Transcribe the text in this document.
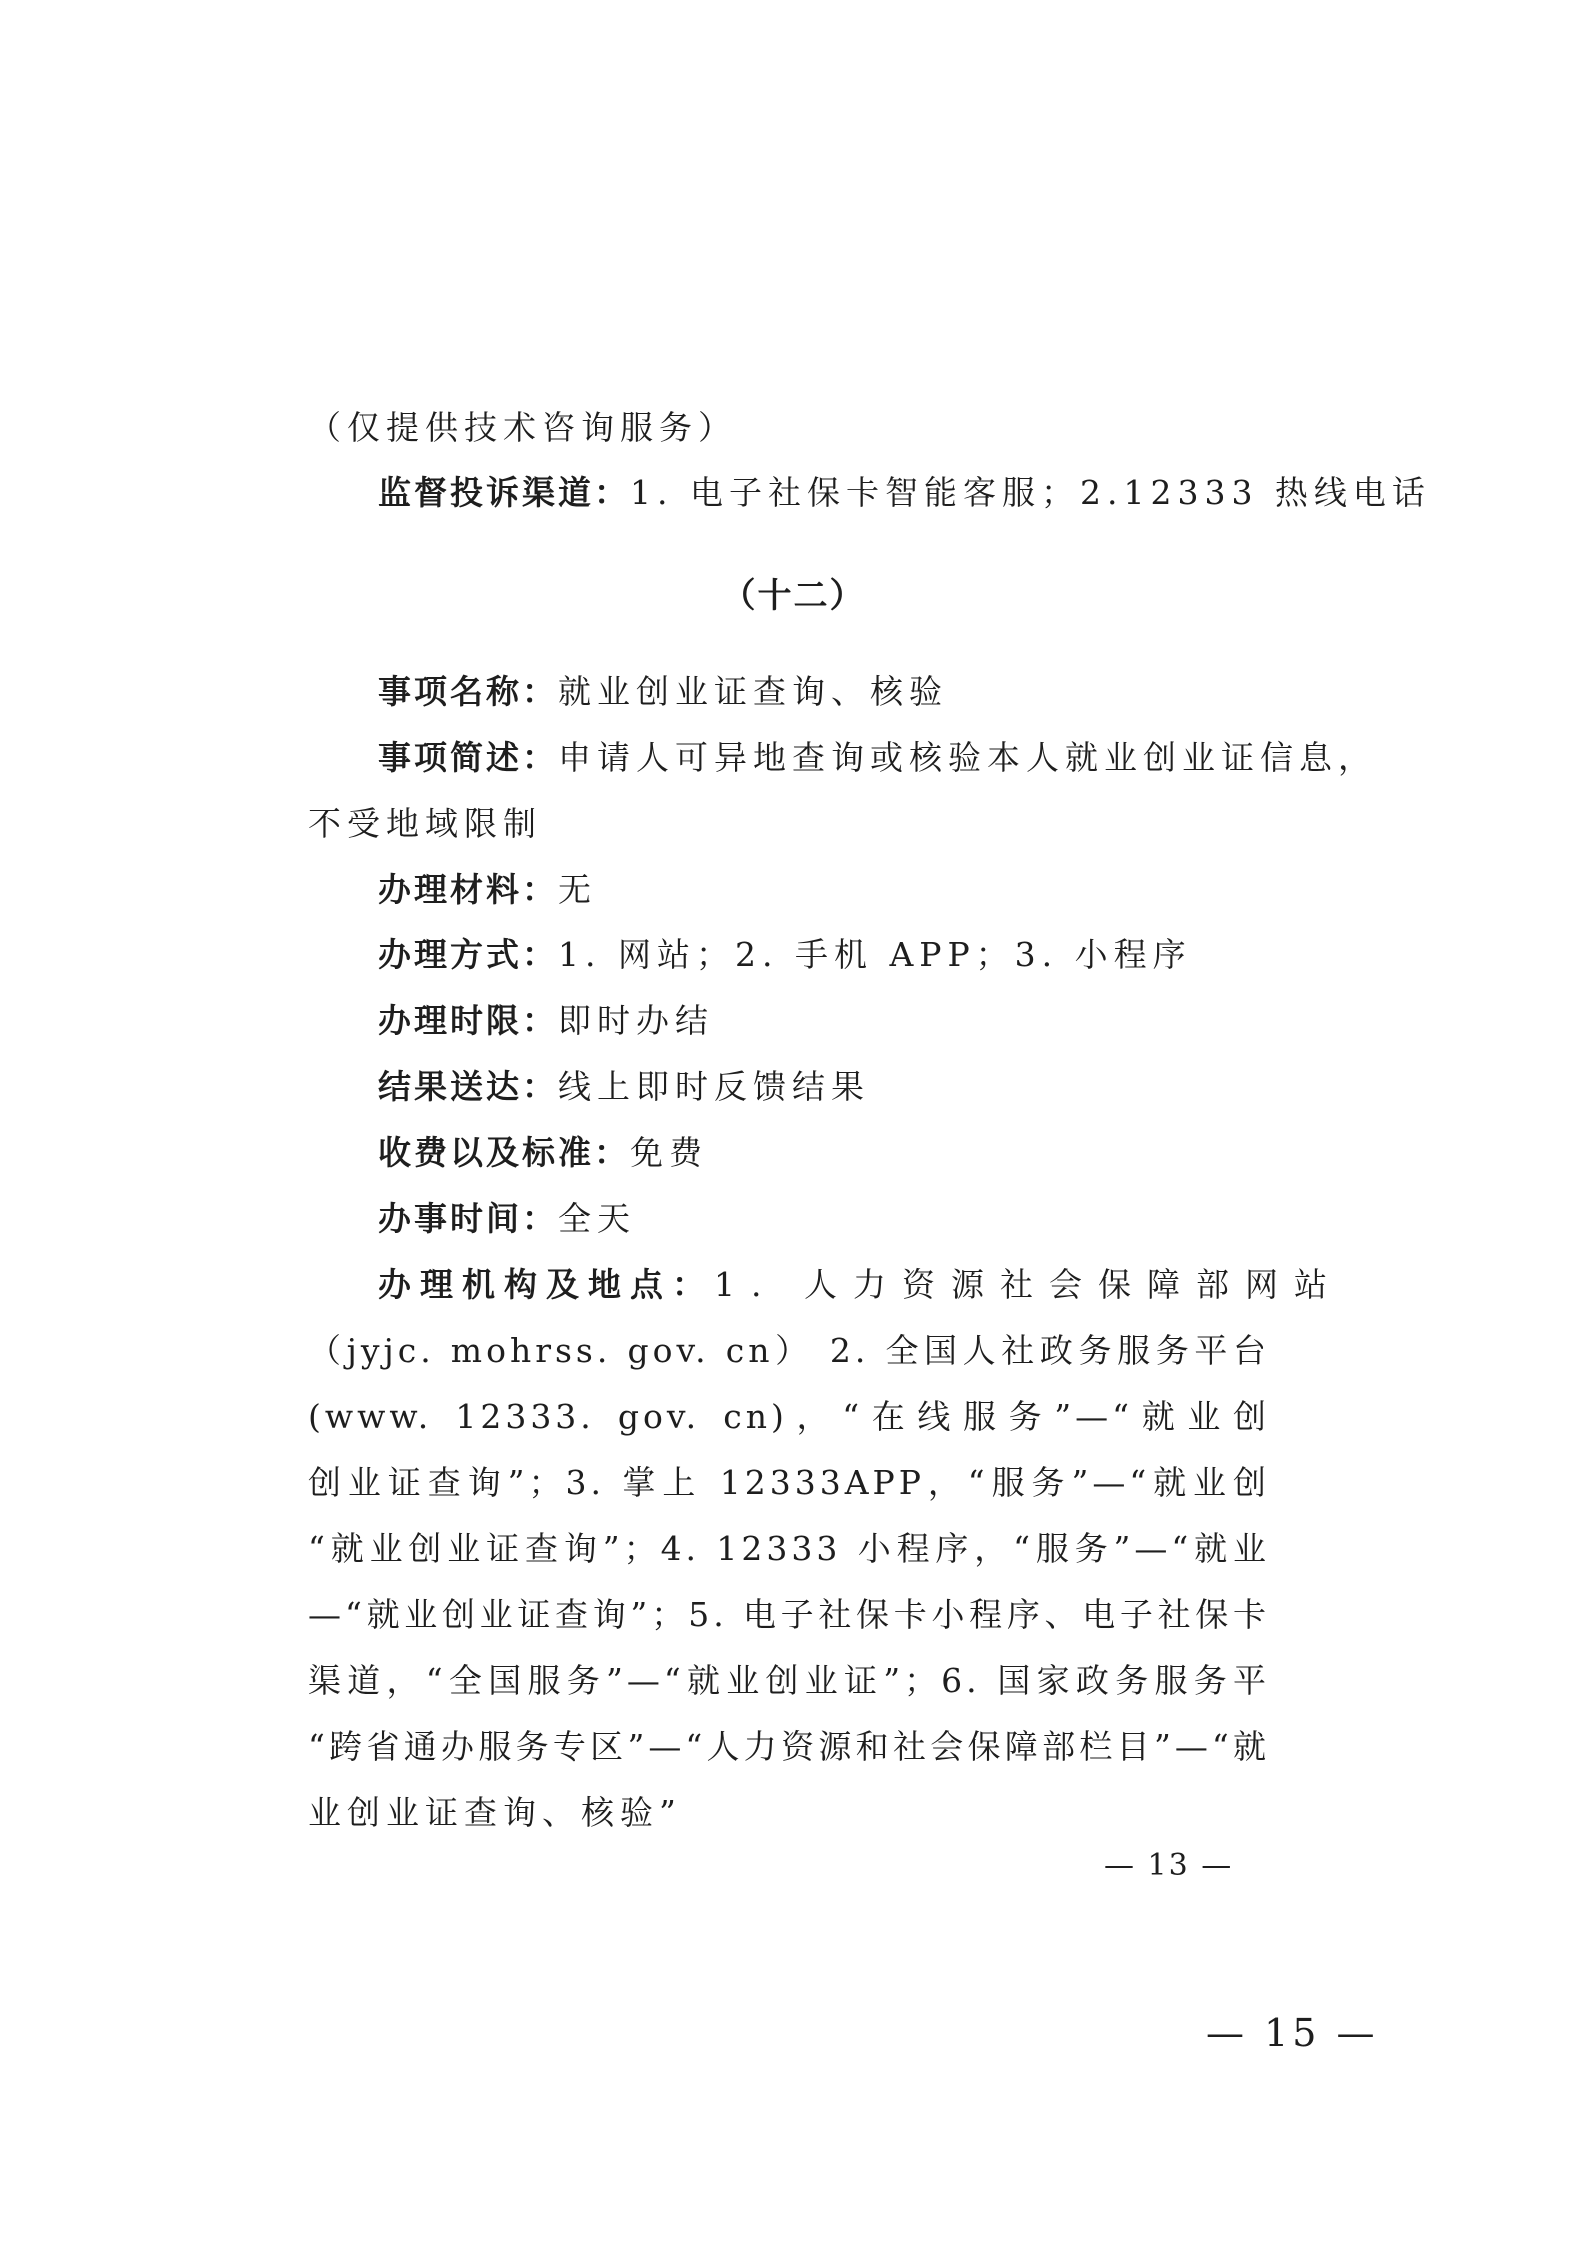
（仅提供技术咨询服务）
监督投诉渠道：1. 电子社保卡智能客服；2.12333 热线电话
（十二）
事项名称：就业创业证查询、核验
事项简述：申请人可异地查询或核验本人就业创业证信息，
不受地域限制
办理材料：无
办理方式：1. 网站；2. 手机 APP；3. 小程序
办理时限：即时办结
结果送达：线上即时反馈结果
收费以及标准：免费
办事时间：全天
办理机构及地点：1. 人力资源社会保障部网站
（jyjc. mohrss. gov. cn） 2. 全国人社政务服务平台
(www. 12333. gov. cn)，“在线服务”—“就业创
创业证查询”；3. 掌上 12333APP，“服务”—“就业创
“就业创业证查询”；4. 12333 小程序，“服务”—“就业
—“就业创业证查询”；5. 电子社保卡小程序、电子社保卡
渠道，“全国服务”—“就业创业证”；6. 国家政务服务平
“跨省通办服务专区”—“人力资源和社会保障部栏目”—“就
业创业证查询、核验”
— 13 —
— 15 —
